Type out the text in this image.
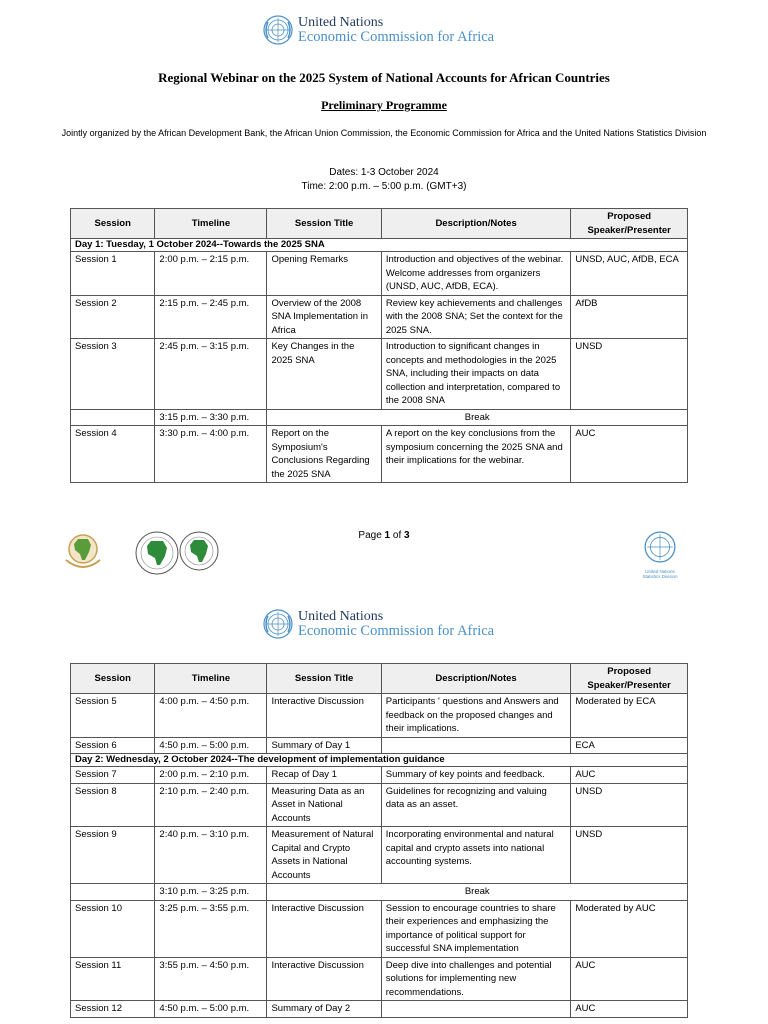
United Nations
Economic Commission for Africa
Regional Webinar on the 2025 System of National Accounts for African Countries
Preliminary Programme
Jointly organized by the African Development Bank, the African Union Commission, the Economic Commission for Africa and the United Nations Statistics Division
Dates: 1-3 October 2024
Time: 2:00 p.m. – 5:00 p.m. (GMT+3)
Session	Timeline	Session Title	Description/Notes	Proposed Speaker/Presenter
Day 1: Tuesday, 1 October 2024--Towards the 2025 SNA				
Session 1	2:00 p.m. – 2:15 p.m.	Opening Remarks	Introduction and objectives of the webinar. Welcome addresses from organizers (UNSD, AUC, AfDB, ECA).	UNSD, AUC, AfDB, ECA
Session 2	2:15 p.m. – 2:45 p.m.	Overview of the 2008 SNA Implementation in Africa	Review key achievements and challenges with the 2008 SNA; Set the context for the 2025 SNA.	AfDB
Session 3	2:45 p.m. – 3:15 p.m.	Key Changes in the 2025 SNA	Introduction to significant changes in concepts and methodologies in the 2025 SNA, including their impacts on data collection and interpretation, compared to the 2008 SNA	UNSD
	3:15 p.m. – 3:30 p.m.	Break		
Session 4	3:30 p.m. – 4:00 p.m.	Report on the Symposium's Conclusions Regarding the 2025 SNA	A report on the key conclusions from the symposium concerning the 2025 SNA and their implications for the webinar.	AUC
Page 1 of 3
United Nations
Statistics Division
United Nations
Economic Commission for Africa
Session	Timeline	Session Title	Description/Notes	Proposed Speaker/Presenter
Session 5	4:00 p.m. – 4:50 p.m.	Interactive Discussion	Participants ' questions and Answers and feedback on the proposed changes and their implications.	Moderated by ECA
Session 6	4:50 p.m. – 5:00 p.m.	Summary of Day 1		ECA
Day 2: Wednesday, 2 October 2024--The development of implementation guidance				
Session 7	2:00 p.m. – 2:10 p.m.	Recap of Day 1	Summary of key points and feedback.	AUC
Session 8	2:10 p.m. – 2:40 p.m.	Measuring Data as an Asset in National Accounts	Guidelines for recognizing and valuing data as an asset.	UNSD
Session 9	2:40 p.m. – 3:10 p.m.	Measurement of Natural Capital and Crypto Assets in National Accounts	Incorporating environmental and natural capital and crypto assets into national accounting systems.	UNSD
	3:10 p.m. – 3:25 p.m.	Break		
Session 10	3:25 p.m. – 3:55 p.m.	Interactive Discussion	Session to encourage countries to share their experiences and emphasizing the importance of political support for successful SNA implementation	Moderated by AUC
Session 11	3:55 p.m. – 4:50 p.m.	Interactive Discussion	Deep dive into challenges and potential solutions for implementing new recommendations.	AUC
Session 12	4:50 p.m. – 5:00 p.m.	Summary of Day 2		AUC
